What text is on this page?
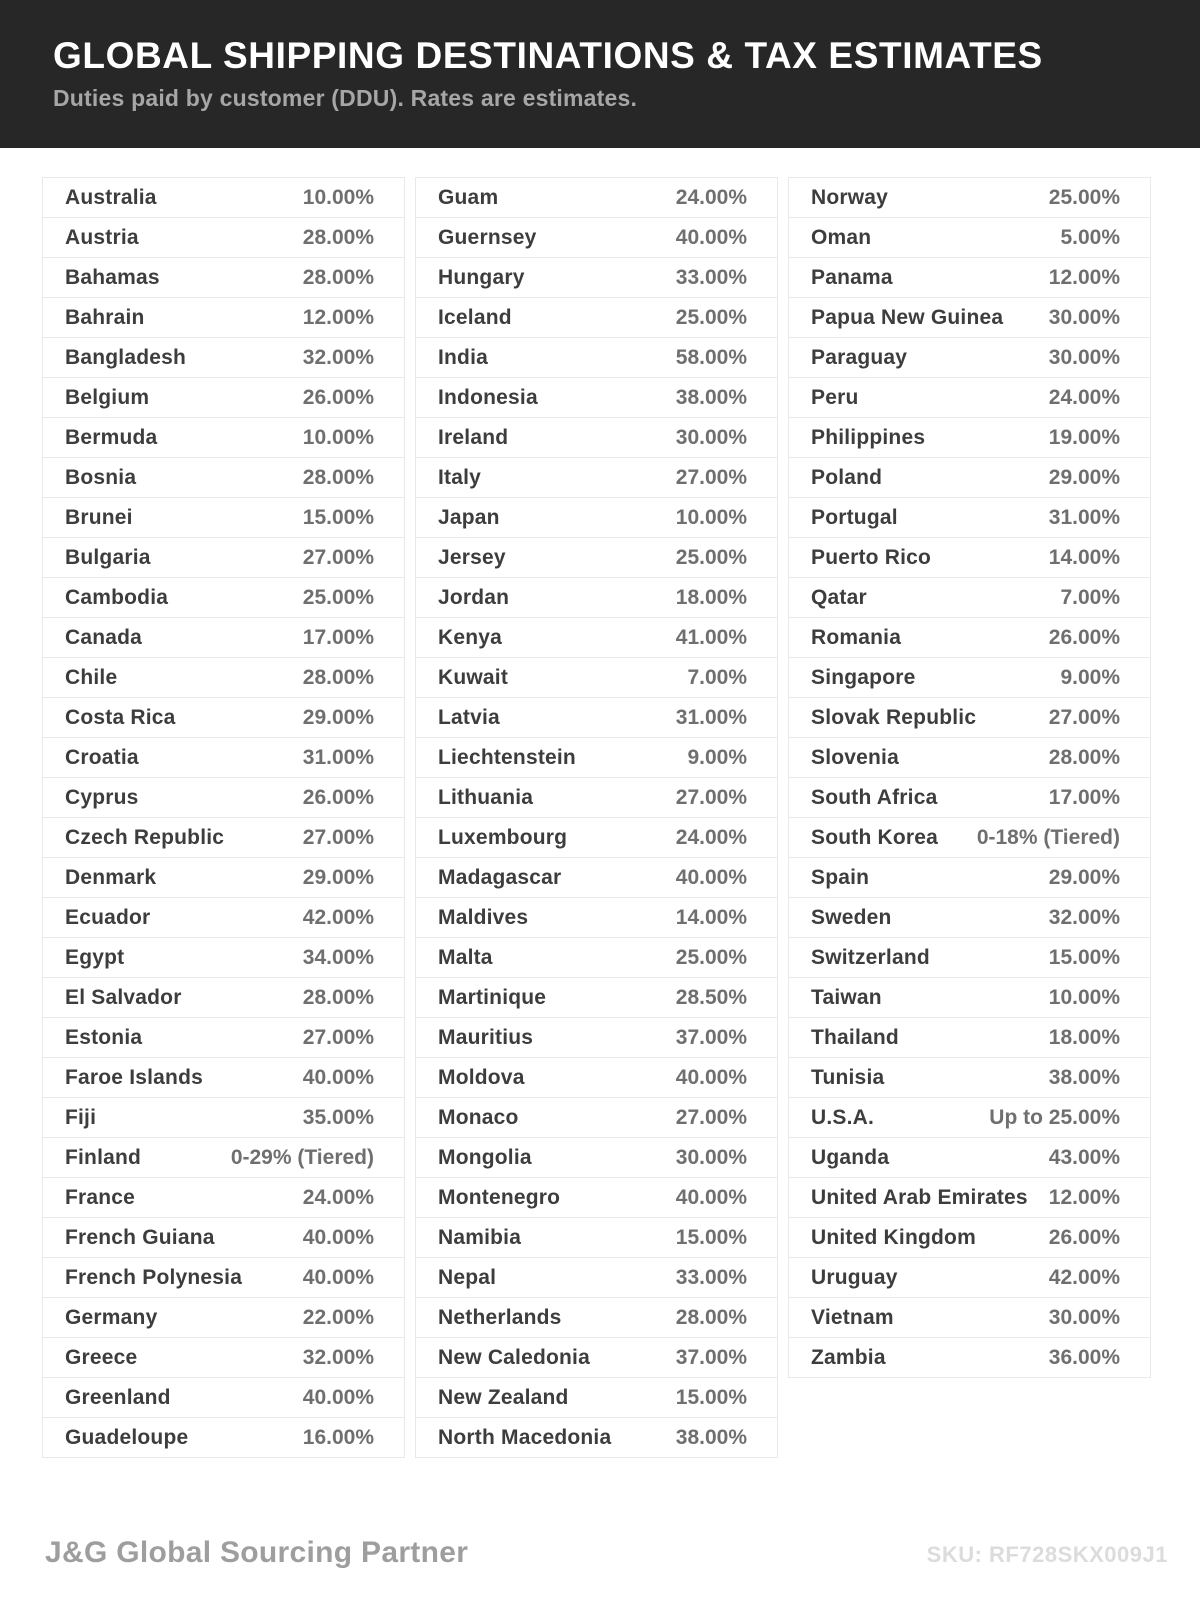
GLOBAL SHIPPING DESTINATIONS & TAX ESTIMATES
Duties paid by customer (DDU). Rates are estimates.
Australia	10.00%
Austria	28.00%
Bahamas	28.00%
Bahrain	12.00%
Bangladesh	32.00%
Belgium	26.00%
Bermuda	10.00%
Bosnia	28.00%
Brunei	15.00%
Bulgaria	27.00%
Cambodia	25.00%
Canada	17.00%
Chile	28.00%
Costa Rica	29.00%
Croatia	31.00%
Cyprus	26.00%
Czech Republic	27.00%
Denmark	29.00%
Ecuador	42.00%
Egypt	34.00%
El Salvador	28.00%
Estonia	27.00%
Faroe Islands	40.00%
Fiji	35.00%
Finland	0-29% (Tiered)
France	24.00%
French Guiana	40.00%
French Polynesia	40.00%
Germany	22.00%
Greece	32.00%
Greenland	40.00%
Guadeloupe	16.00%
Guam	24.00%
Guernsey	40.00%
Hungary	33.00%
Iceland	25.00%
India	58.00%
Indonesia	38.00%
Ireland	30.00%
Italy	27.00%
Japan	10.00%
Jersey	25.00%
Jordan	18.00%
Kenya	41.00%
Kuwait	7.00%
Latvia	31.00%
Liechtenstein	9.00%
Lithuania	27.00%
Luxembourg	24.00%
Madagascar	40.00%
Maldives	14.00%
Malta	25.00%
Martinique	28.50%
Mauritius	37.00%
Moldova	40.00%
Monaco	27.00%
Mongolia	30.00%
Montenegro	40.00%
Namibia	15.00%
Nepal	33.00%
Netherlands	28.00%
New Caledonia	37.00%
New Zealand	15.00%
North Macedonia	38.00%
Norway	25.00%
Oman	5.00%
Panama	12.00%
Papua New Guinea	30.00%
Paraguay	30.00%
Peru	24.00%
Philippines	19.00%
Poland	29.00%
Portugal	31.00%
Puerto Rico	14.00%
Qatar	7.00%
Romania	26.00%
Singapore	9.00%
Slovak Republic	27.00%
Slovenia	28.00%
South Africa	17.00%
South Korea	0-18% (Tiered)
Spain	29.00%
Sweden	32.00%
Switzerland	15.00%
Taiwan	10.00%
Thailand	18.00%
Tunisia	38.00%
U.S.A.	Up to 25.00%
Uganda	43.00%
United Arab Emirates 12.00%
United Kingdom	26.00%
Uruguay	42.00%
Vietnam	30.00%
Zambia	36.00%
J&G Global Sourcing Partner	SKU: RF728SKX009J1
